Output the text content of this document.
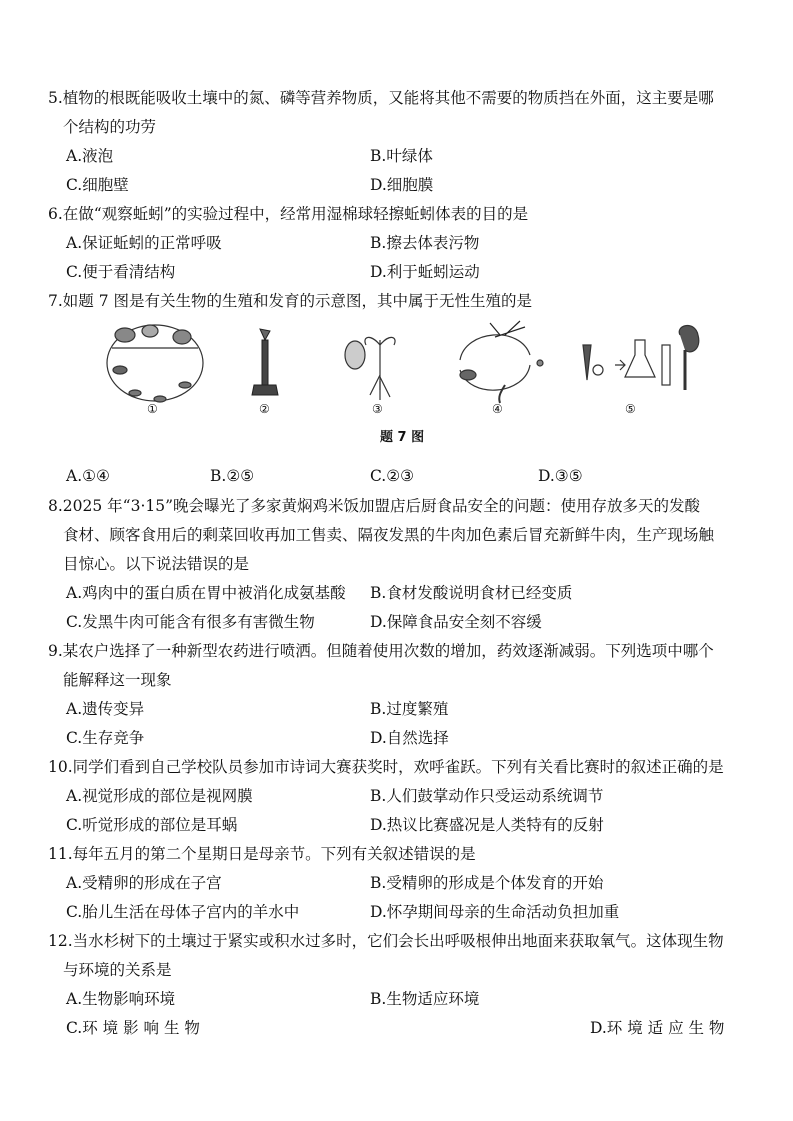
5.植物的根既能吸收土壤中的氮、磷等营养物质，又能将其他不需要的物质挡在外面，这主要是哪
个结构的功劳
A.液泡	B.叶绿体
C.细胞壁	D.细胞膜
6.在做“观察蚯蚓”的实验过程中，经常用湿棉球轻擦蚯蚓体表的目的是
A.保证蚯蚓的正常呼吸	B.擦去体表污物
C.便于看清结构	D.利于蚯蚓运动
7.如题 7 图是有关生物的生殖和发育的示意图，其中属于无性生殖的是
①	②	③	④	⑤
题 7 图
A.①④	B.②⑤	C.②③	D.③⑤
8.2025 年“3·15”晚会曝光了多家黄焖鸡米饭加盟店后厨食品安全的问题：使用存放多天的发酸
食材、顾客食用后的剩菜回收再加工售卖、隔夜发黑的牛肉加色素后冒充新鲜牛肉，生产现场触
目惊心。以下说法错误的是
A.鸡肉中的蛋白质在胃中被消化成氨基酸 B.食材发酸说明食材已经变质
C.发黑牛肉可能含有很多有害微生物	D.保障食品安全刻不容缓
9.某农户选择了一种新型农药进行喷洒。但随着使用次数的增加，药效逐渐减弱。下列选项中哪个
能解释这一现象
A.遗传变异	B.过度繁殖
C.生存竞争	D.自然选择
10.同学们看到自己学校队员参加市诗词大赛获奖时，欢呼雀跃。下列有关看比赛时的叙述正确的是
A.视觉形成的部位是视网膜	B.人们鼓掌动作只受运动系统调节
C.听觉形成的部位是耳蜗	D.热议比赛盛况是人类特有的反射
11.每年五月的第二个星期日是母亲节。下列有关叙述错误的是
A.受精卵的形成在子宫	B.受精卵的形成是个体发育的开始
C.胎儿生活在母体子宫内的羊水中	D.怀孕期间母亲的生命活动负担加重
12.当水杉树下的土壤过于紧实或积水过多时，它们会长出呼吸根伸出地面来获取氧气。这体现生物
与环境的关系是
A.生物影响环境	B.生物适应环境
C.环 境 影 响 生 物	D.环 境 适 应 生 物
